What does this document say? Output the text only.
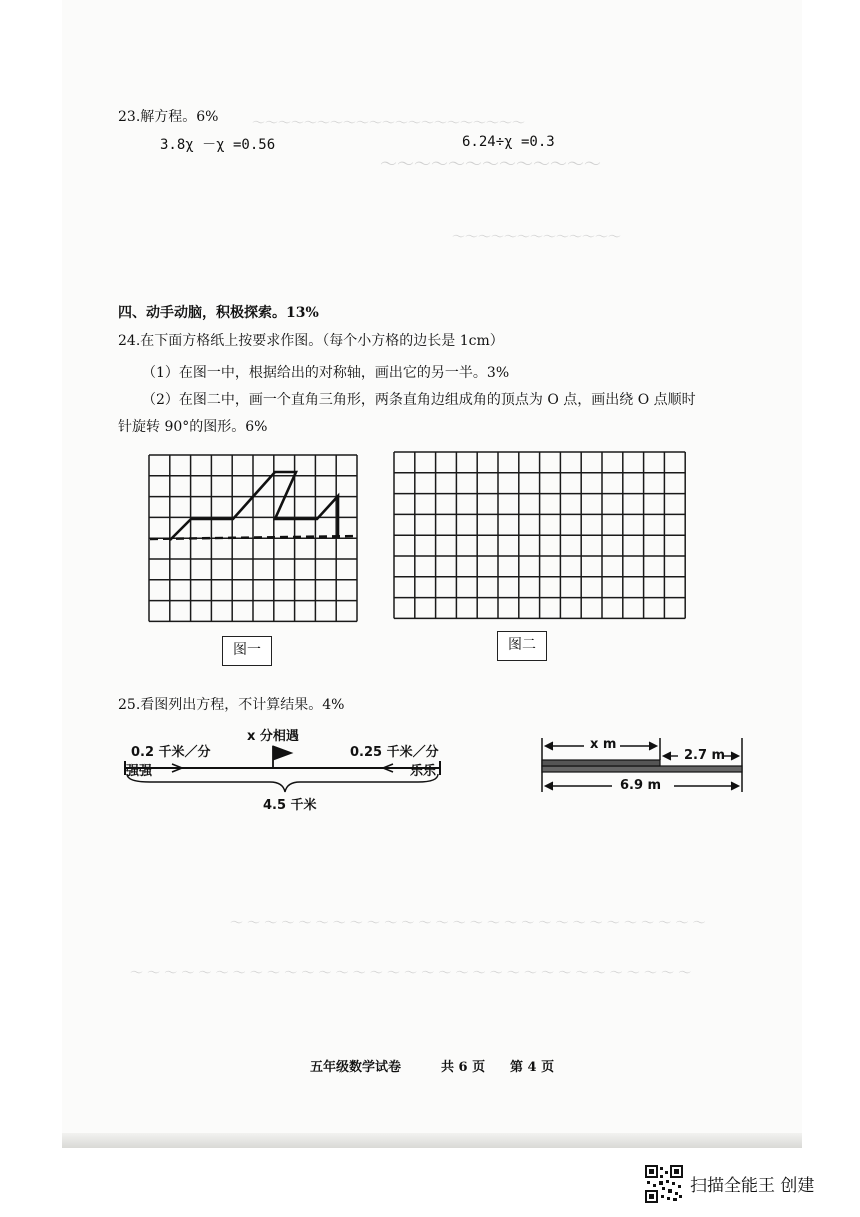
～～～～～～～～～～～～～～～～～～～～～
～～～～～～～～～～～～～
～～～～～～～～～～～～～
～ ～ ～ ～ ～ ～ ～ ～ ～ ～ ～ ～ ～ ～ ～ ～ ～ ～ ～ ～ ～ ～ ～ ～ ～ ～ ～ ～
～ ～ ～ ～ ～ ～ ～ ～ ～ ～ ～ ～ ～ ～ ～ ～ ～ ～ ～ ～ ～ ～ ～ ～ ～ ～ ～ ～ ～ ～ ～ ～ ～
23.解方程。6%
3.8χ －χ =0.56	6.24÷χ =0.3
四、动手动脑，积极探索。13%
24.在下面方格纸上按要求作图。（每个小方格的边长是 1cm）
（1）在图一中，根据给出的对称轴，画出它的另一半。3%
（2）在图二中，画一个直角三角形，两条直角边组成角的顶点为 O 点，画出绕 O 点顺时
针旋转 90°的图形。6%
图一	图二
25.看图列出方程，不计算结果。4%
x 分相遇
0.2 千米／分
强强
0.25 千米／分
乐乐
4.5 千米
x m
2.7 m
6.9 m
五年级数学试卷	共 6 页 第 4 页
扫描全能王 创建
